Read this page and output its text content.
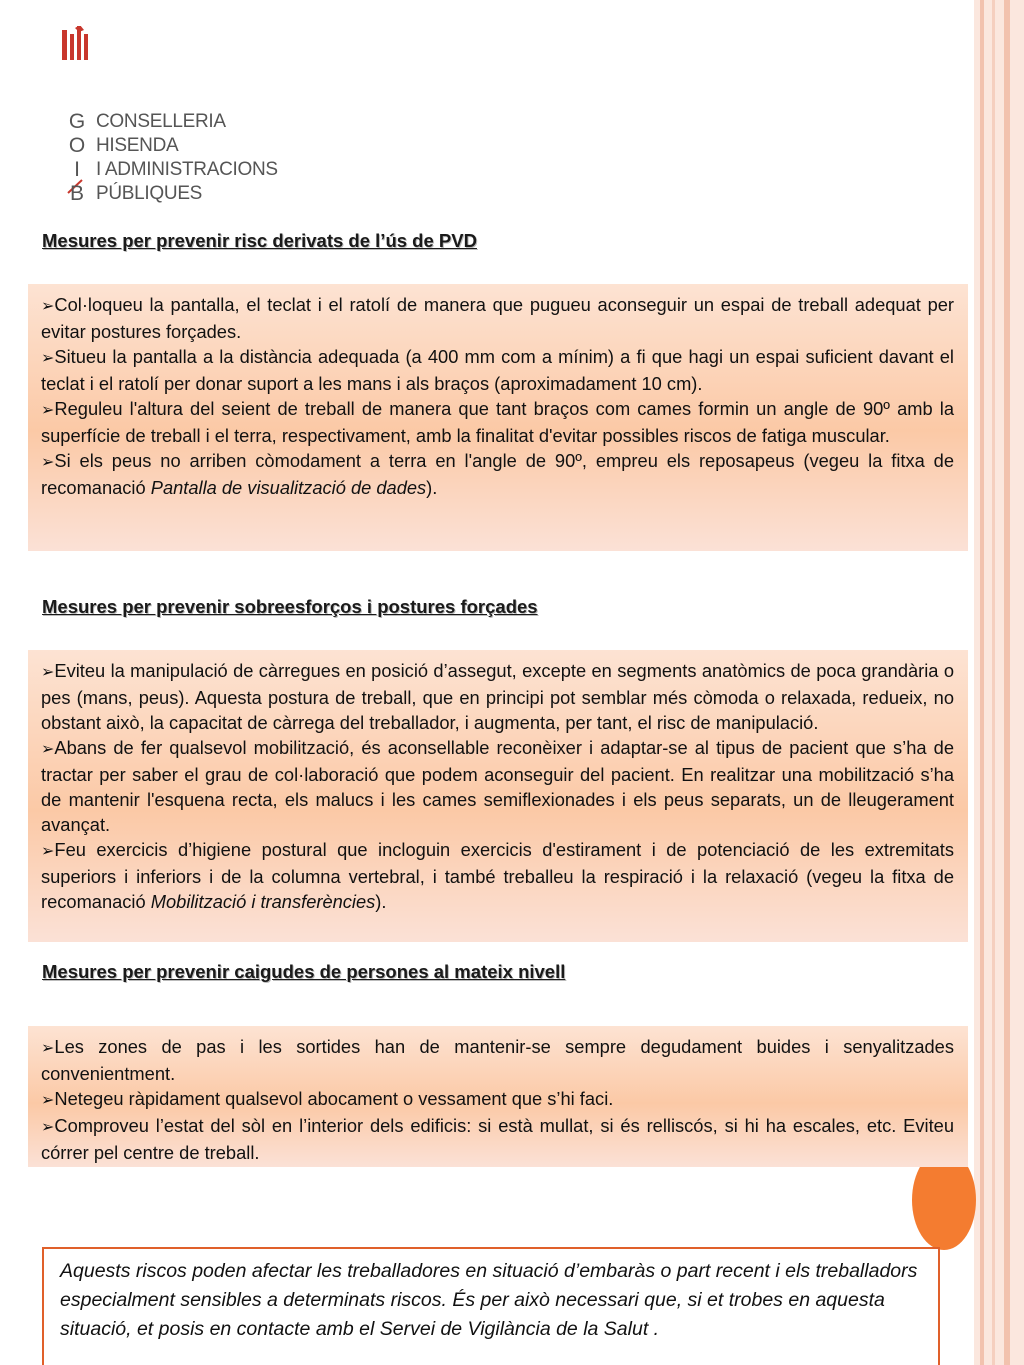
G
O
I
B
CONSELLERIA
HISENDA
I ADMINISTRACIONS
PÚBLIQUES
Mesures per prevenir risc derivats de l’ús de PVD

➢Col·loqueu la pantalla, el teclat i el ratolí de manera que pugueu aconseguir un espai de treball adequat per evitar postures forçades.

➢Situeu la pantalla a la distància adequada (a 400 mm com a mínim) a fi que hagi un espai suficient davant el teclat i el ratolí per donar suport a les mans i als braços (aproximadament 10 cm).

➢Reguleu l'altura del seient de treball de manera que tant braços com cames formin un angle de 90º amb la superfície de treball i el terra, respectivament, amb la finalitat d'evitar possibles riscos de fatiga muscular.

➢Si els peus no arriben còmodament a terra en l'angle de 90º, empreu els reposapeus (vegeu la fitxa de recomanació Pantalla de visualització de dades).

Mesures per prevenir sobreesforços i postures forçades

➢Eviteu la manipulació de càrregues en posició d’assegut, excepte en segments anatòmics de poca grandària o pes (mans, peus). Aquesta postura de treball, que en principi pot semblar més còmoda o relaxada, redueix, no obstant això, la capacitat de càrrega del treballador, i augmenta, per tant, el risc de manipulació.

➢Abans de fer qualsevol mobilització, és aconsellable reconèixer i adaptar-se al tipus de pacient que s’ha de tractar per saber el grau de col·laboració que podem aconseguir del pacient. En realitzar una mobilització s’ha de mantenir l'esquena recta, els malucs i les cames semiflexionades i els peus separats, un de lleugerament avançat.

➢Feu exercicis d’higiene postural que incloguin exercicis d'estirament i de potenciació de les extremitats superiors i inferiors i de la columna vertebral, i també treballeu la respiració i la relaxació (vegeu la fitxa de recomanació Mobilització i transferències).

Mesures per prevenir caigudes de persones al mateix nivell

➢Les zones de pas i les sortides han de mantenir-se sempre degudament buides i senyalitzades convenientment.

➢Netegeu ràpidament qualsevol abocament o vessament que s’hi faci.

➢Comproveu l’estat del sòl en l’interior dels edificis: si està mullat, si és relliscós, si hi ha escales, etc. Eviteu córrer pel centre de treball.

Aquests riscos poden afectar les treballadores en situació d’embaràs o part recent i els treballadors especialment sensibles a determinats riscos. És per això necessari que, si et trobes en aquesta situació, et posis en contacte amb el Servei de Vigilància de la Salut .
